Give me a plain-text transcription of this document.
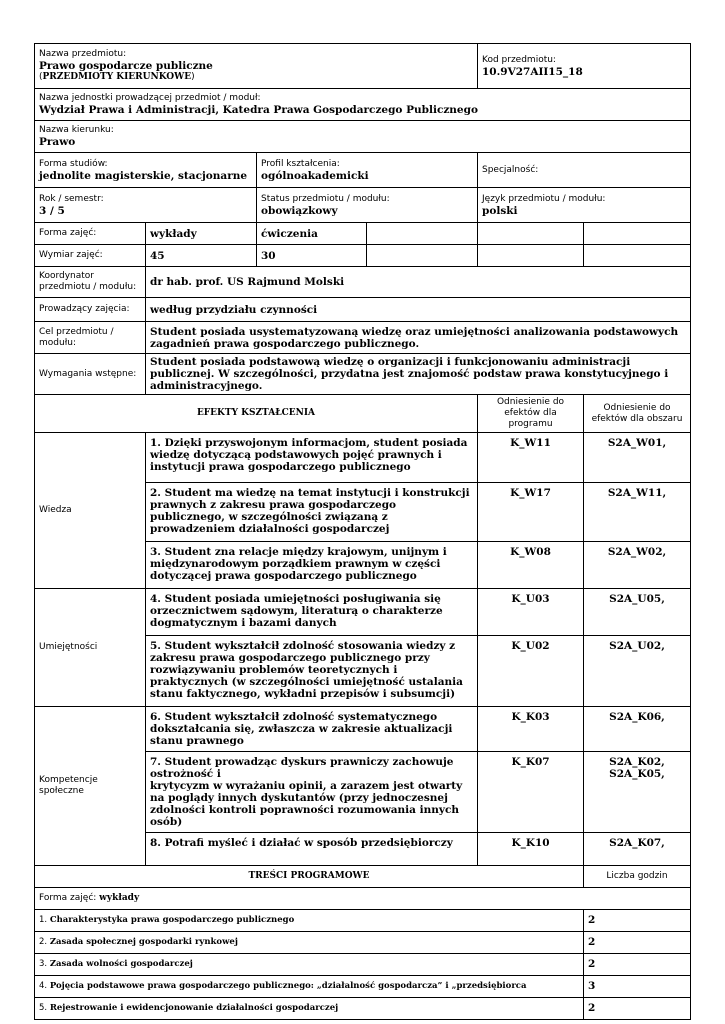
Nazwa przedmiotu:
Prawo gospodarcze publiczne
(PRZEDMIOTY KIERUNKOWE)				Kod przedmiotu:
10.9V27AII15_18	

Nazwa jednostki prowadzącej przedmiot / moduł:
Wydział Prawa i Administracji, Katedra Prawa Gospodarczego Publicznego					

Nazwa kierunku:
Prawo					

Forma studiów:
jednolite magisterskie, stacjonarne		Profil kształcenia:
ogólnoakademicki		Specjalność:	

Rok / semestr:
3 / 5		Status przedmiotu / modułu:
obowiązkowy		Język przedmiotu / modułu:
polski	

Forma zajęć:	wykłady	ćwiczenia			
Wymiar zajęć:	45	30			
Koordynator przedmiotu / modułu:	dr hab. prof. US Rajmund Molski				
Prowadzący zajęcia:	według przydziału czynności				
Cel przedmiotu / modułu:	Student posiada usystematyzowaną wiedzę oraz umiejętności analizowania podstawowych zagadnień prawa gospodarczego publicznego.				
Wymagania wstępne:	Student posiada podstawową wiedzę o organizacji i funkcjonowaniu administracji publicznej. W szczególności, przydatna jest znajomość podstaw prawa konstytucyjnego i administracyjnego.				
EFEKTY KSZTAŁCENIA				Odniesienie do efektów dla programu	Odniesienie do efektów dla obszaru
Wiedza	1. Dzięki przyswojonym informacjom, student posiada wiedzę dotyczącą podstawowych pojęć prawnych i instytucji prawa gospodarczego publicznego			K_W11	S2A_W01,
	2. Student ma wiedzę na temat instytucji i konstrukcji prawnych z zakresu prawa gospodarczego publicznego, w szczególności związaną z prowadzeniem działalności gospodarczej			K_W17	S2A_W11,
	3. Student zna relacje między krajowym, unijnym i międzynarodowym porządkiem prawnym w części dotyczącej prawa gospodarczego publicznego			K_W08	S2A_W02,
Umiejętności	4. Student posiada umiejętności posługiwania się orzecznictwem sądowym, literaturą o charakterze dogmatycznym i bazami danych			K_U03	S2A_U05,
	5. Student wykształcił zdolność stosowania wiedzy z zakresu prawa gospodarczego publicznego przy rozwiązywaniu problemów teoretycznych i praktycznych (w szczególności umiejętność ustalania stanu faktycznego, wykładni przepisów i subsumcji)			K_U02	S2A_U02,
Kompetencje społeczne	6. Student wykształcił zdolność systematycznego dokształcania się, zwłaszcza w zakresie aktualizacji stanu prawnego			K_K03	S2A_K06,
	7. Student prowadząc dyskurs prawniczy zachowuje ostrożność i
krytycyzm w wyrażaniu opinii, a zarazem jest otwarty na poglądy innych dyskutantów (przy jednoczesnej zdolności kontroli poprawności rozumowania innych osób)			K_K07	S2A_K02,
S2A_K05,
	8. Potrafi myśleć i działać w sposób przedsiębiorczy			K_K10	S2A_K07,
TREŚCI PROGRAMOWE					Liczba godzin
Forma zajęć: wykłady					
1. Charakterystyka prawa gospodarczego publicznego					2
2. Zasada społecznej gospodarki rynkowej					2
3. Zasada wolności gospodarczej					2
4. Pojęcia podstawowe prawa gospodarczego publicznego: „działalność gospodarcza” i „przedsiębiorca					3
5. Rejestrowanie i ewidencjonowanie działalności gospodarczej					2
